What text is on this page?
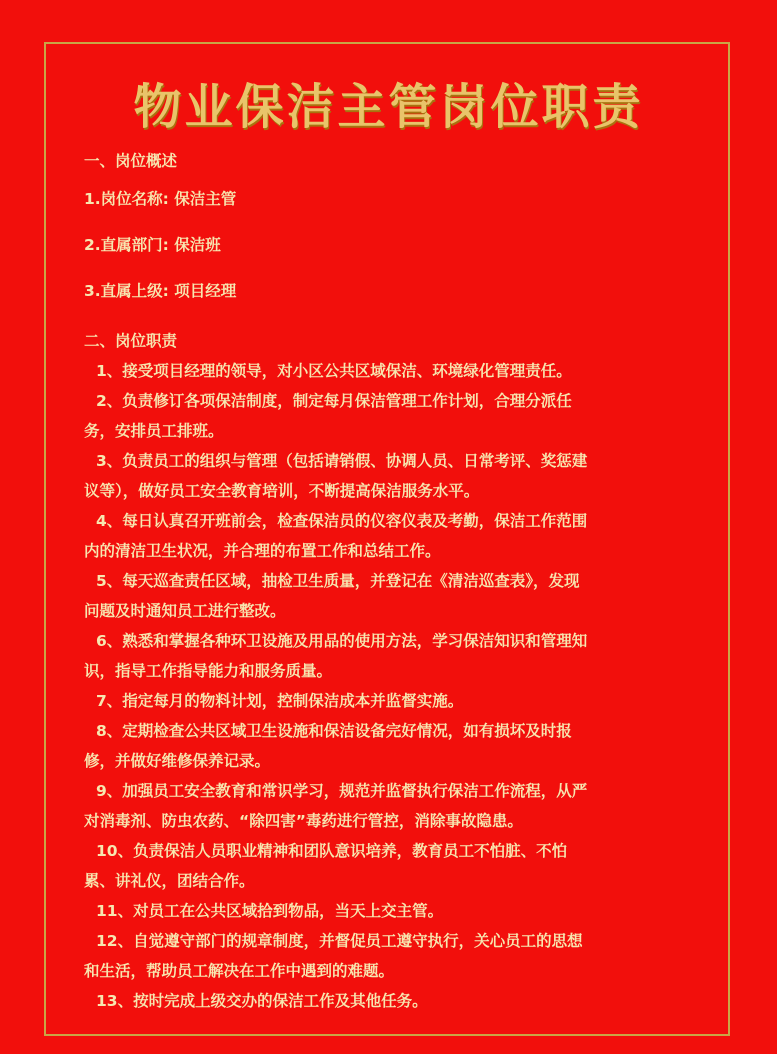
物业保洁主管岗位职责
一、岗位概述
1.岗位名称: 保洁主管
2.直属部门: 保洁班
3.直属上级: 项目经理
二、岗位职责
1、接受项目经理的领导，对小区公共区域保洁、环境绿化管理责任。
2、负责修订各项保洁制度，制定每月保洁管理工作计划，合理分派任
务，安排员工排班。
3、负责员工的组织与管理（包括请销假、协调人员、日常考评、奖惩建
议等），做好员工安全教育培训，不断提高保洁服务水平。
4、每日认真召开班前会，检查保洁员的仪容仪表及考勤，保洁工作范围
内的清洁卫生状况，并合理的布置工作和总结工作。
5、每天巡查责任区域，抽检卫生质量，并登记在《清洁巡查表》，发现
问题及时通知员工进行整改。
6、熟悉和掌握各种环卫设施及用品的使用方法，学习保洁知识和管理知
识，指导工作指导能力和服务质量。
7、指定每月的物料计划，控制保洁成本并监督实施。
8、定期检查公共区域卫生设施和保洁设备完好情况，如有损坏及时报
修，并做好维修保养记录。
9、加强员工安全教育和常识学习，规范并监督执行保洁工作流程，从严
对消毒剂、防虫农药、“除四害”毒药进行管控，消除事故隐患。
10、负责保洁人员职业精神和团队意识培养，教育员工不怕脏、不怕
累、讲礼仪，团结合作。
11、对员工在公共区域拾到物品，当天上交主管。
12、自觉遵守部门的规章制度，并督促员工遵守执行，关心员工的思想
和生活，帮助员工解决在工作中遇到的难题。
13、按时完成上级交办的保洁工作及其他任务。
